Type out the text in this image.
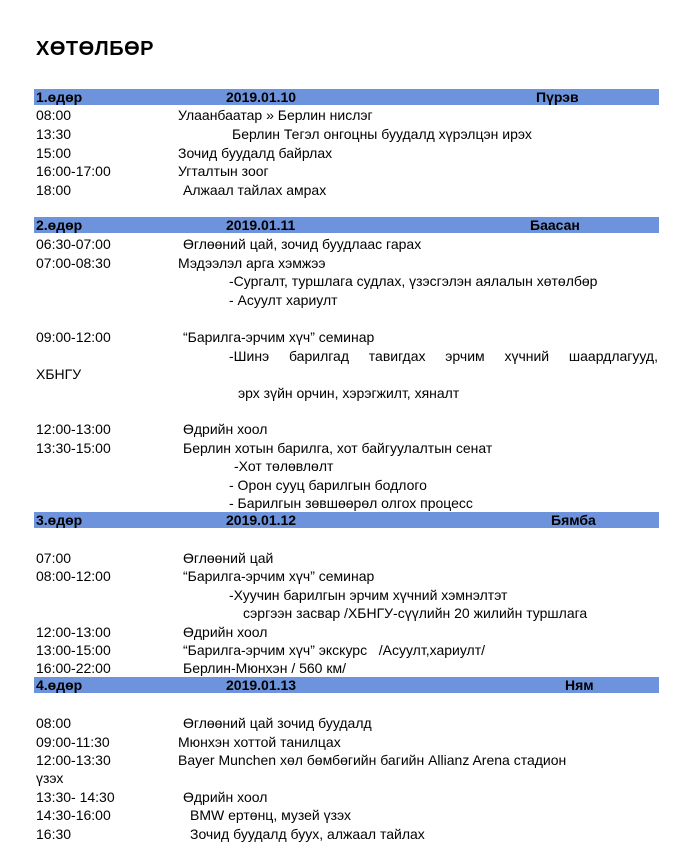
ХӨТӨЛБӨР
1.өдөр	2019.01.10	Пүрэв
08:00	Улаанбаатар » Берлин нислэг
13:30	Берлин Тегэл онгоцны буудалд хүрэлцэн ирэх
15:00	Зочид буудалд байрлах
16:00-17:00	Угталтын зоог
18:00	Алжаал тайлах амрах
2.өдөр	2019.01.11	Баасан
06:30-07:00	Өглөөний цай, зочид буудлаас гарах
07:00-08:30	Мэдээлэл арга хэмжээ
-Сургалт, туршлага судлах, үзэсгэлэн аялалын хөтөлбөр
- Асуулт хариулт
09:00-12:00	“Барилга-эрчим хүч” семинар
-Шинэ барилгад тавигдах эрчим хүчний шаардлагууд,
ХБНГУ
эрх зүйн орчин, хэрэгжилт, хяналт
12:00-13:00	Өдрийн хоол
13:30-15:00	Берлин хотын барилга, хот байгуулалтын сенат
-Хот төлөвлөлт
- Орон сууц барилгын бодлого
- Барилгын зөвшөөрөл олгох процесс
3.өдөр	2019.01.12	Бямба
07:00	Өглөөний цай
08:00-12:00	“Барилга-эрчим хүч” семинар
-Хуучин барилгын эрчим хүчний хэмнэлтэт
сэргээн засвар /ХБНГУ-сүүлийн 20 жилийн туршлага
12:00-13:00	Өдрийн хоол
13:00-15:00	“Барилга-эрчим хүч” экскурс   /Асуулт,хариулт/
16:00-22:00	Берлин-Мюнхэн / 560 км/
4.өдөр	2019.01.13	Ням
08:00	Өглөөний цай зочид буудалд
09:00-11:30	Мюнхэн хоттой танилцах
12:00-13:30	Bayer Munchen хөл бөмбөгийн багийн Allianz Arena стадион
үзэх
13:30- 14:30	Өдрийн хоол
14:30-16:00	BMW ертөнц, музей үзэх
16:30	Зочид буудалд буух, алжаал тайлах
